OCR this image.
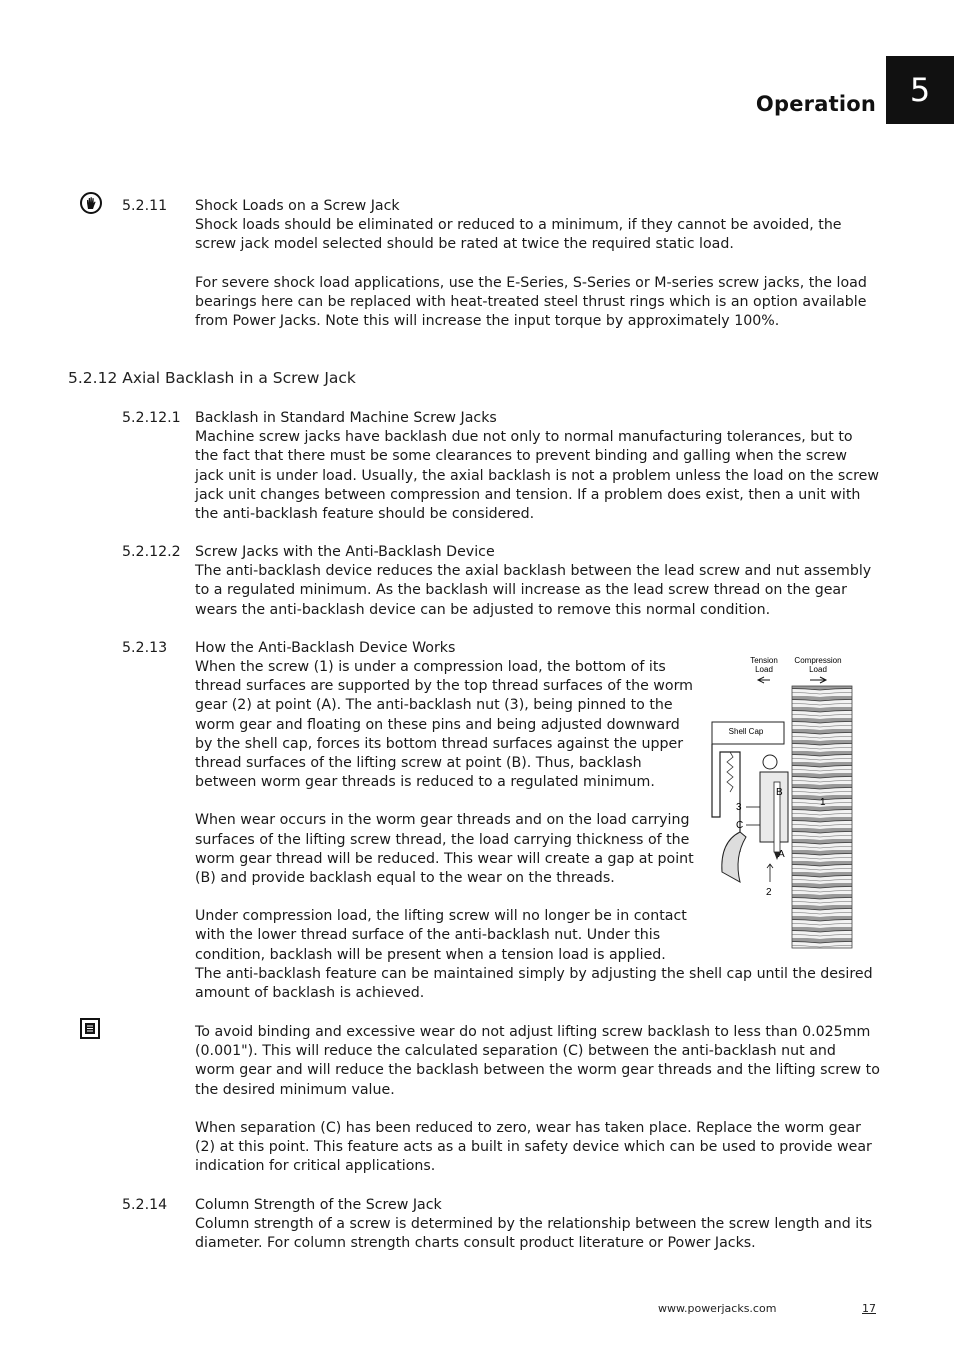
Operation	5
5.2.11 Shock Loads on a Screw Jack

Shock loads should be eliminated or reduced to a minimum, if they cannot be avoided, the screw jack model selected should be rated at twice the required static load.

For severe shock load applications, use the E-Series, S-Series or M-series screw jacks, the load bearings here can be replaced with heat-treated steel thrust rings which is an option available from Power Jacks. Note this will increase the input torque by approximately 100%.

5.2.12 Axial Backlash in a Screw Jack
5.2.12.1 Backlash in Standard Machine Screw Jacks

Machine screw jacks have backlash due not only to normal manufacturing tolerances, but to the fact that there must be some clearances to prevent binding and galling when the screw jack unit is under load. Usually, the axial backlash is not a problem unless the load on the screw jack unit changes between compression and tension. If a problem does exist, then a unit with the anti-backlash feature should be considered.

5.2.12.2 Screw Jacks with the Anti-Backlash Device

The anti-backlash device reduces the axial backlash between the lead screw and nut assembly to a regulated minimum. As the backlash will increase as the lead screw thread on the gear wears the anti-backlash device can be adjusted to remove this normal condition.

5.2.13 How the Anti-Backlash Device Works

When the screw (1) is under a compression load, the bottom of its thread surfaces are supported by the top thread surfaces of the worm gear (2) at point (A). The anti-backlash nut (3), being pinned to the worm gear and floating on these pins and being adjusted downward by the shell cap, forces its bottom thread surfaces against the upper thread surfaces of the lifting screw at point (B). Thus, backlash between worm gear threads is reduced to a regulated minimum.

When wear occurs in the worm gear threads and on the load carrying surfaces of the lifting screw thread, the load carrying thickness of the worm gear thread will be reduced. This wear will create a gap at point (B) and provide backlash equal to the wear on the threads.

Under compression load, the lifting screw will no longer be in contact with the lower thread surface of the anti-backlash nut. Under this condition, backlash will be present when a tension load is applied.

The anti-backlash feature can be maintained simply by adjusting the shell cap until the desired amount of backlash is achieved.

To avoid binding and excessive wear do not adjust lifting screw backlash to less than 0.025mm (0.001"). This will reduce the calculated separation (C) between the anti-backlash nut and worm gear and will reduce the backlash between the worm gear threads and the lifting screw to the desired minimum value.

When separation (C) has been reduced to zero, wear has taken place. Replace the worm gear (2) at this point. This feature acts as a built in safety device which can be used to provide wear indication for critical applications.

5.2.14 Column Strength of the Screw Jack

Column strength of a screw is determined by the relationship between the screw length and its diameter. For column strength charts consult product literature or Power Jacks.

Tension Load
Compression Load
Shell Cap
B
3
C
A
1
2
www.powerjacks.com	17
